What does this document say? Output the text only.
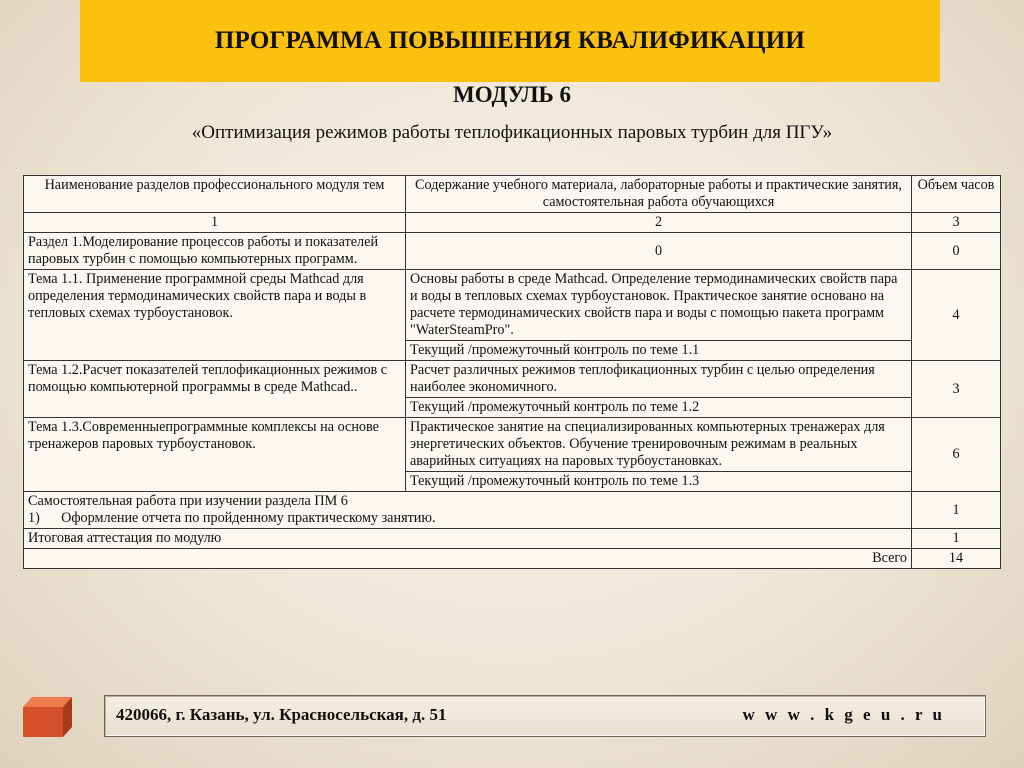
ПРОГРАММА ПОВЫШЕНИЯ КВАЛИФИКАЦИИ
МОДУЛЬ 6
«Оптимизация режимов работы теплофикационных паровых турбин для ПГУ»
Наименование разделов профессионального модуля тем	Содержание учебного материала, лабораторные работы и практические занятия, самостоятельная работа обучающихся	Объем часов
1	2	3
Раздел 1.Моделирование процессов работы и показателей паровых турбин с помощью компьютерных программ.	0	0
Тема 1.1. Применение программной среды Mathcad для определения термодинамических свойств пара и воды в тепловых схемах турбоустановок.	Основы работы в среде Mathcad. Определение термодинамических свойств пара и воды в тепловых схемах турбоустановок. Практическое занятие основано на расчете термодинамических свойств пара и воды с помощью пакета программ "WaterSteamPro".	4
	Текущий /промежуточный контроль по теме 1.1	
Тема 1.2.Расчет показателей теплофикационных режимов с помощью компьютерной программы в среде Mathcad..	Расчет различных режимов теплофикационных турбин с целью определения наиболее экономичного.	3
	Текущий /промежуточный контроль по теме 1.2	
Тема 1.3.Современныепрограммные комплексы на основе тренажеров паровых турбоустановок.	Практическое занятие на специализированных компьютерных тренажерах для энергетических объектов. Обучение тренировочным режимам в реальных аварийных ситуациях на паровых турбоустановках.	6
	Текущий /промежуточный контроль по теме 1.3	

Самостоятельная работа при изучении раздела ПМ 6
1)      Оформление отчета по пройденному практическому занятию.		1
Итоговая аттестация по модулю		1
Всего		14
420066, г. Казань, ул. Красносельская, д. 51	w w w . k g e u . r u
